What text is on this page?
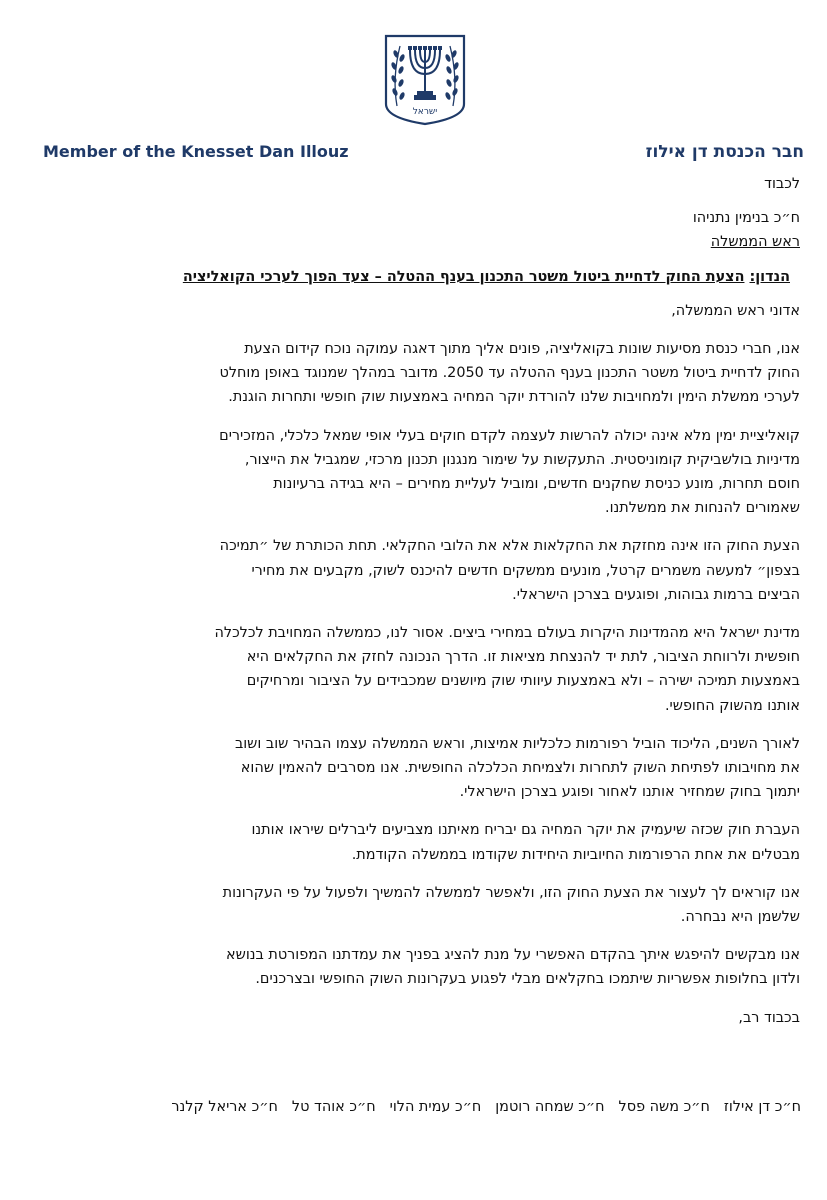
ישראל
חבר הכנסת דן אילוז
Member of the Knesset Dan Illouz
לכבוד
ח״כ בנימין נתניהו
ראש הממשלה
הנדון: הצעת החוק לדחיית ביטול משטר התכנון בענף ההטלה – צעד הפוך לערכי הקואליציה
אדוני ראש הממשלה,

אנו, חברי כנסת מסיעות שונות בקואליציה, פונים אליך מתוך דאגה עמוקה נוכח קידום הצעת
החוק לדחיית ביטול משטר התכנון בענף ההטלה עד 2050. מדובר במהלך שמנוגד באופן מוחלט
לערכי ממשלת הימין ולמחויבות שלנו להורדת יוקר המחיה באמצעות שוק חופשי ותחרות הוגנת.

קואליציית ימין מלא אינה יכולה להרשות לעצמה לקדם חוקים בעלי אופי שמאל כלכלי, המזכירים
מדיניות בולשביקית קומוניסטית. התעקשות על שימור מנגנון תכנון מרכזי, שמגביל את הייצור,
חוסם תחרות, מונע כניסת שחקנים חדשים, ומוביל לעליית מחירים – היא בגידה ברעיונות
שאמורים להנחות את ממשלתנו.

הצעת החוק הזו אינה מחזקת את החקלאות אלא את הלובי החקלאי. תחת הכותרת של ״תמיכה
בצפון״ למעשה משמרים קרטל, מונעים ממשקים חדשים להיכנס לשוק, מקבעים את מחירי
הביצים ברמות גבוהות, ופוגעים בצרכן הישראלי.

מדינת ישראל היא מהמדינות היקרות בעולם במחירי ביצים. אסור לנו, כממשלה המחויבת לכלכלה
חופשית ולרווחת הציבור, לתת יד להנצחת מציאות זו. הדרך הנכונה לחזק את החקלאים היא
באמצעות תמיכה ישירה – ולא באמצעות עיוותי שוק מיושנים שמכבידים על הציבור ומרחיקים
אותנו מהשוק החופשי.

לאורך השנים, הליכוד הוביל רפורמות כלכליות אמיצות, וראש הממשלה עצמו הבהיר שוב ושוב
את מחויבותו לפתיחת השוק לתחרות ולצמיחת הכלכלה החופשית. אנו מסרבים להאמין שהוא
יתמוך בחוק שמחזיר אותנו לאחור ופוגע בצרכן הישראלי.

העברת חוק שכזה שיעמיק את יוקר המחיה גם יבריח מאיתנו מצביעים ליברלים שיראו אותנו
מבטלים את אחת הרפורמות החיוביות היחידות שקודמו בממשלה הקודמת.

אנו קוראים לך לעצור את הצעת החוק הזו, ולאפשר לממשלה להמשיך ולפעול על פי העקרונות
שלשמן היא נבחרה.

אנו מבקשים להיפגש איתך בהקדם האפשרי על מנת להציג בפניך את עמדתנו המפורטת בנושא
ולדון בחלופות אפשריות שיתמכו בחקלאים מבלי לפגוע בעקרונות השוק החופשי ובצרכנים.

בכבוד רב,
ח״כ דן אילוז
ח״כ משה פסל
ח״כ שמחה רוטמן
ח״כ עמית הלוי
ח״כ אוהד טל
ח״כ אריאל קלנר
